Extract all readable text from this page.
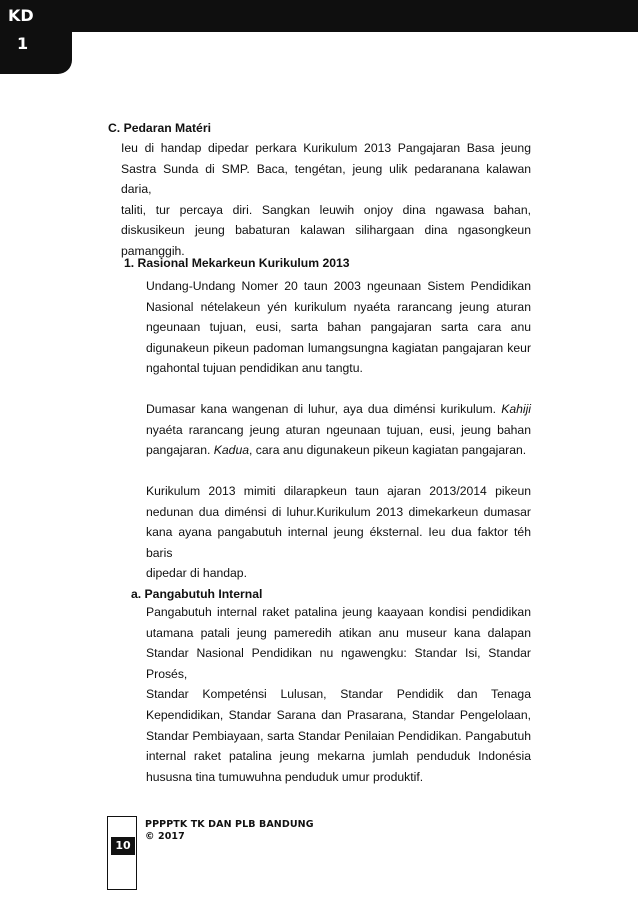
KD
1
C. Pedaran Matéri
Ieu di handap dipedar perkara Kurikulum 2013 Pangajaran Basa jeung
Sastra Sunda di SMP. Baca, tengétan, jeung ulik pedaranana kalawan daria,
taliti, tur percaya diri. Sangkan leuwih onjoy dina ngawasa bahan,
diskusikeun jeung babaturan kalawan silihargaan dina ngasongkeun
pamanggih.
1. Rasional Mekarkeun Kurikulum 2013
Undang-Undang Nomer 20 taun 2003 ngeunaan Sistem Pendidikan
Nasional nételakeun yén kurikulum nyaéta rarancang jeung aturan
ngeunaan tujuan, eusi, sarta bahan pangajaran sarta cara anu
digunakeun pikeun padoman lumangsungna kagiatan pangajaran keur
ngahontal tujuan pendidikan anu tangtu.
Dumasar kana wangenan di luhur, aya dua diménsi kurikulum. Kahiji
nyaéta rarancang jeung aturan ngeunaan tujuan, eusi, jeung bahan
pangajaran. Kadua, cara anu digunakeun pikeun kagiatan pangajaran.
Kurikulum 2013 mimiti dilarapkeun taun ajaran 2013/2014 pikeun
nedunan dua diménsi di luhur.Kurikulum 2013 dimekarkeun dumasar
kana ayana pangabutuh internal jeung éksternal. Ieu dua faktor téh baris
dipedar di handap.
a. Pangabutuh Internal
Pangabutuh internal raket patalina jeung kaayaan kondisi pendidikan
utamana patali jeung pameredih atikan anu museur kana dalapan
Standar Nasional Pendidikan nu ngawengku: Standar Isi, Standar Prosés,
Standar Kompeténsi Lulusan, Standar Pendidik dan Tenaga
Kependidikan, Standar Sarana dan Prasarana, Standar Pengelolaan,
Standar Pembiayaan, sarta Standar Penilaian Pendidikan. Pangabutuh
internal raket patalina jeung mekarna jumlah penduduk Indonésia
hususna tina tumuwuhna penduduk umur produktif.
10
PPPPTK TK DAN PLB BANDUNG
© 2017
